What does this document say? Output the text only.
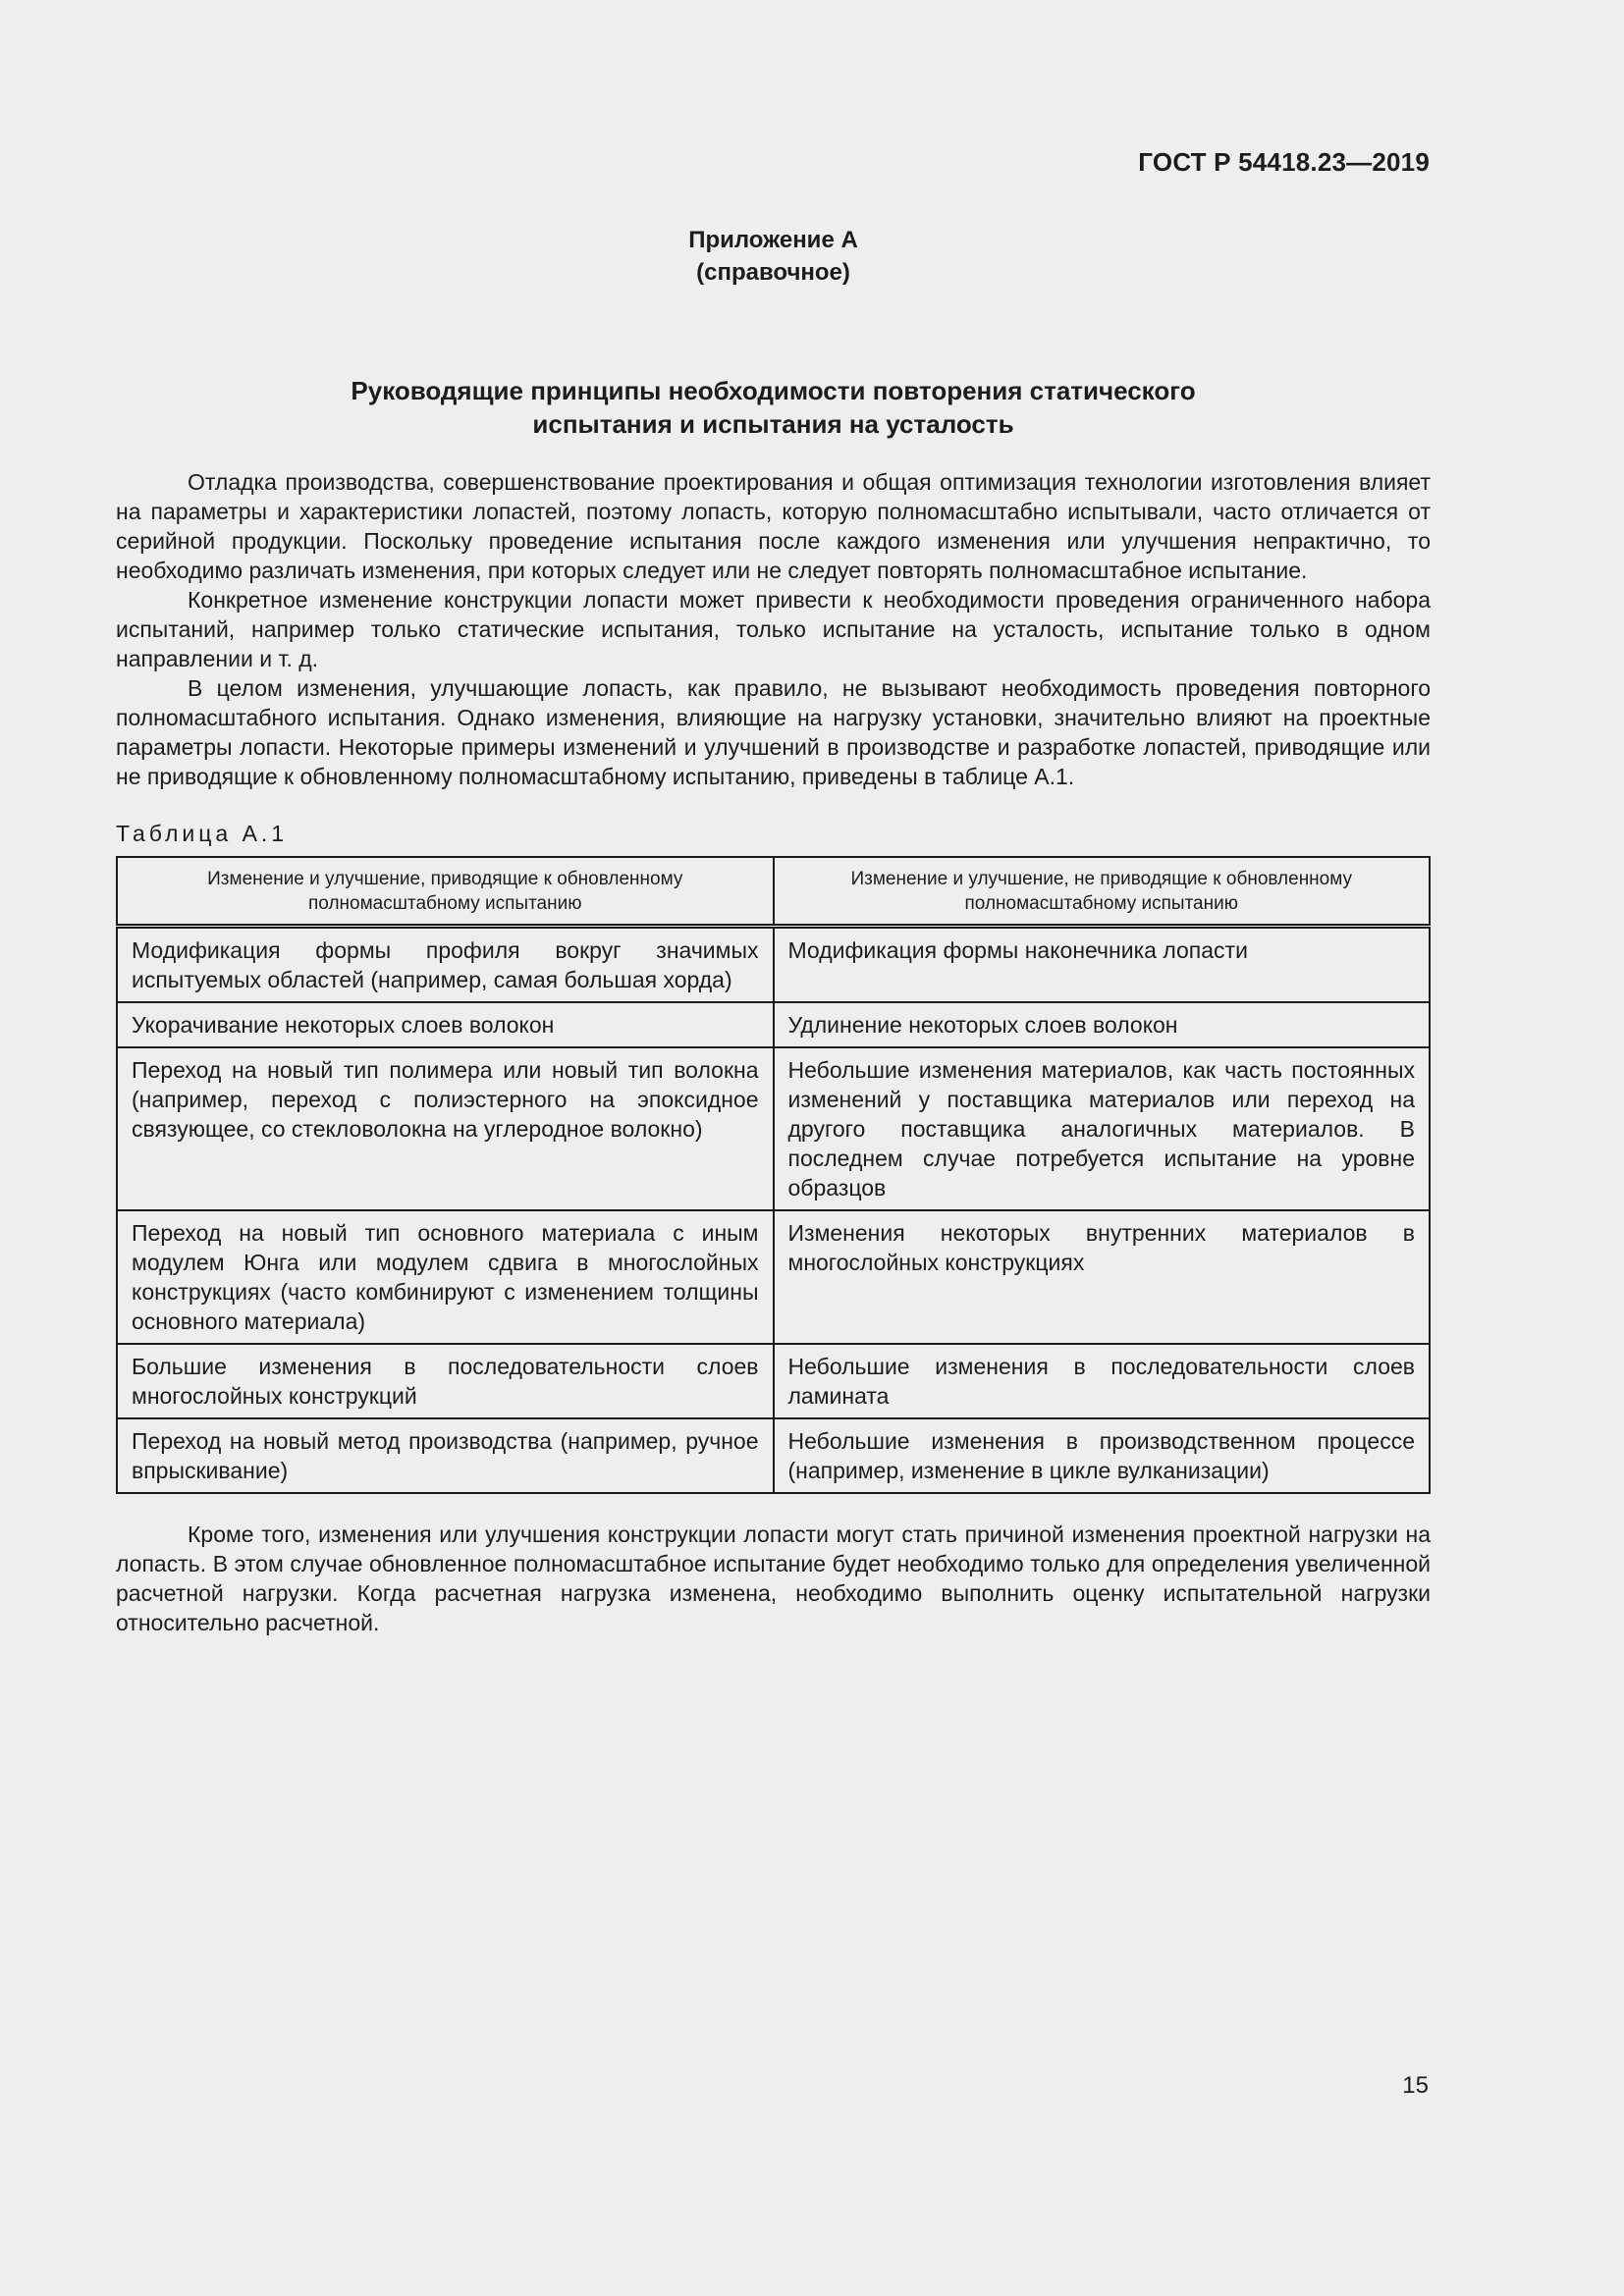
ГОСТ Р 54418.23—2019
Приложение А
(справочное)
Руководящие принципы необходимости повторения статического
испытания и испытания на усталость

Отладка производства, совершенствование проектирования и общая оптимизация технологии изготовления влияет на параметры и характеристики лопастей, поэтому лопасть, которую полномасштабно испытывали, часто отличается от серийной продукции. Поскольку проведение испытания после каждого изменения или улучшения непрактично, то необходимо различать изменения, при которых следует или не следует повторять полномасштабное испытание.

Конкретное изменение конструкции лопасти может привести к необходимости проведения ограниченного набора испытаний, например только статические испытания, только испытание на усталость, испытание только в одном направлении и т. д.

В целом изменения, улучшающие лопасть, как правило, не вызывают необходимость проведения повторного полномасштабного испытания. Однако изменения, влияющие на нагрузку установки, значительно влияют на проектные параметры лопасти. Некоторые примеры изменений и улучшений в производстве и разработке лопастей, приводящие или не приводящие к обновленному полномасштабному испытанию, приведены в таблице А.1.

Таблица А.1
Изменение и улучшение, приводящие к обновленному полномасштабному испытанию	Изменение и улучшение, не приводящие к обновленному полномасштабному испытанию
Модификация формы профиля вокруг значимых испытуемых областей (например, самая большая хорда)	Модификация формы наконечника лопасти
Укорачивание некоторых слоев волокон	Удлинение некоторых слоев волокон
Переход на новый тип полимера или новый тип волокна (например, переход с полиэстерного на эпоксидное связующее, со стекловолокна на углеродное волокно)	Небольшие изменения материалов, как часть постоянных изменений у поставщика материалов или переход на другого поставщика аналогичных материалов. В последнем случае потребуется испытание на уровне образцов
Переход на новый тип основного материала с иным модулем Юнга или модулем сдвига в многослойных конструкциях (часто комбинируют с изменением толщины основного материала)	Изменения некоторых внутренних материалов в многослойных конструкциях
Большие изменения в последовательности слоев многослойных конструкций	Небольшие изменения в последовательности слоев ламината
Переход на новый метод производства (например, ручное впрыскивание)	Небольшие изменения в производственном процессе (например, изменение в цикле вулканизации)

Кроме того, изменения или улучшения конструкции лопасти могут стать причиной изменения проектной нагрузки на лопасть. В этом случае обновленное полномасштабное испытание будет необходимо только для определения увеличенной расчетной нагрузки. Когда расчетная нагрузка изменена, необходимо выполнить оценку испытательной нагрузки относительно расчетной.

15
